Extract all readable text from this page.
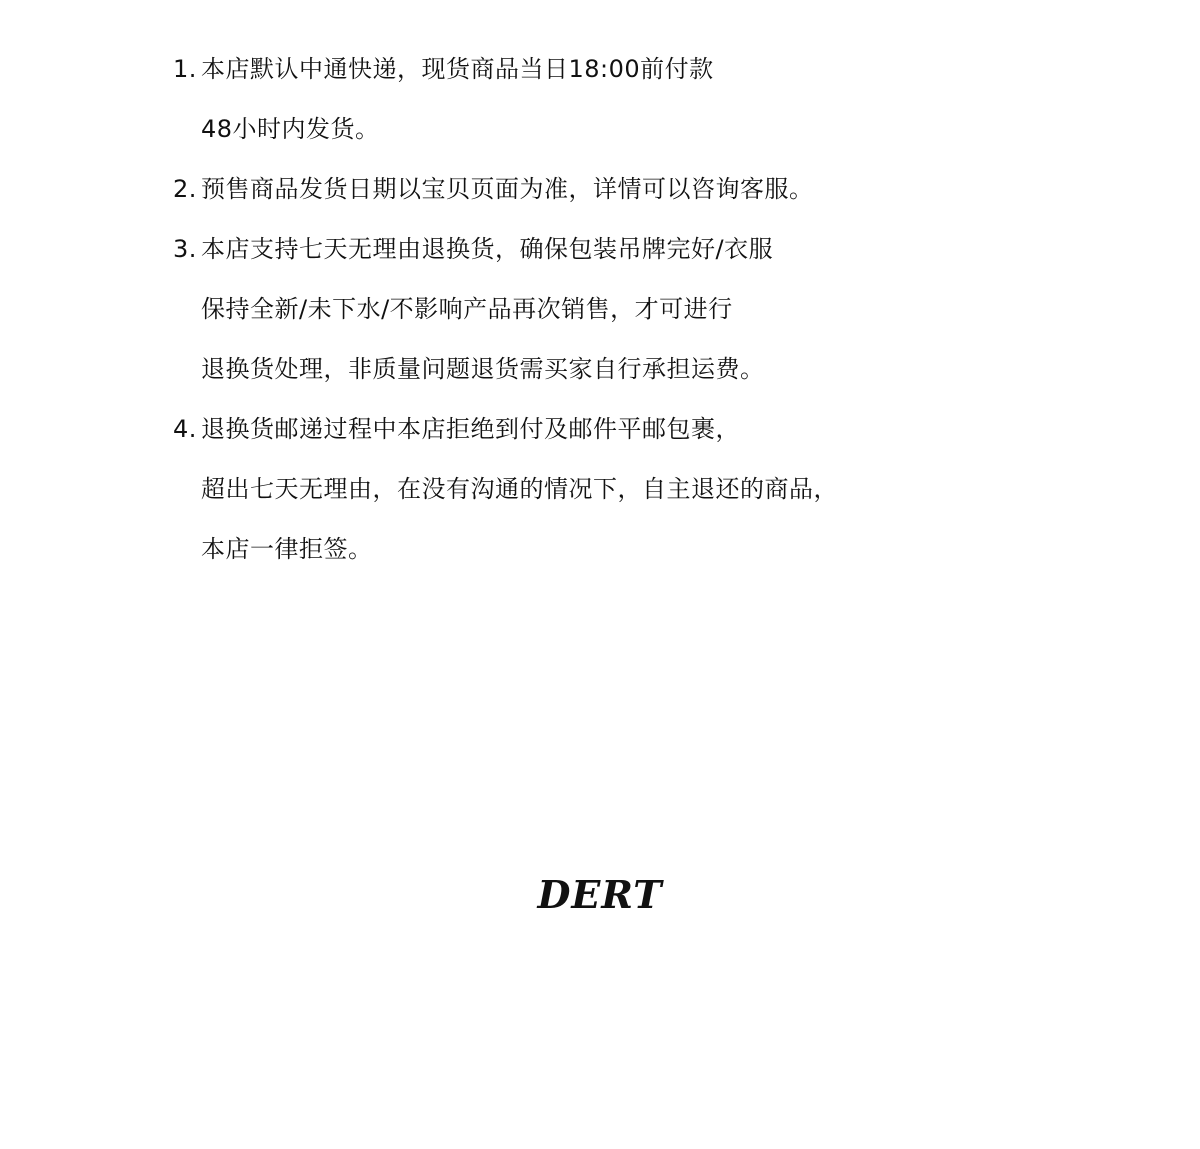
1. 本店默认中通快递，现货商品当日18:00前付款
48小时内发货。
2. 预售商品发货日期以宝贝页面为准，详情可以咨询客服。
3. 本店支持七天无理由退换货，确保包装吊牌完好/衣服
保持全新/未下水/不影响产品再次销售，才可进行
退换货处理，非质量问题退货需买家自行承担运费。
4. 退换货邮递过程中本店拒绝到付及邮件平邮包裹，
超出七天无理由，在没有沟通的情况下，自主退还的商品，
本店一律拒签。
DERT
